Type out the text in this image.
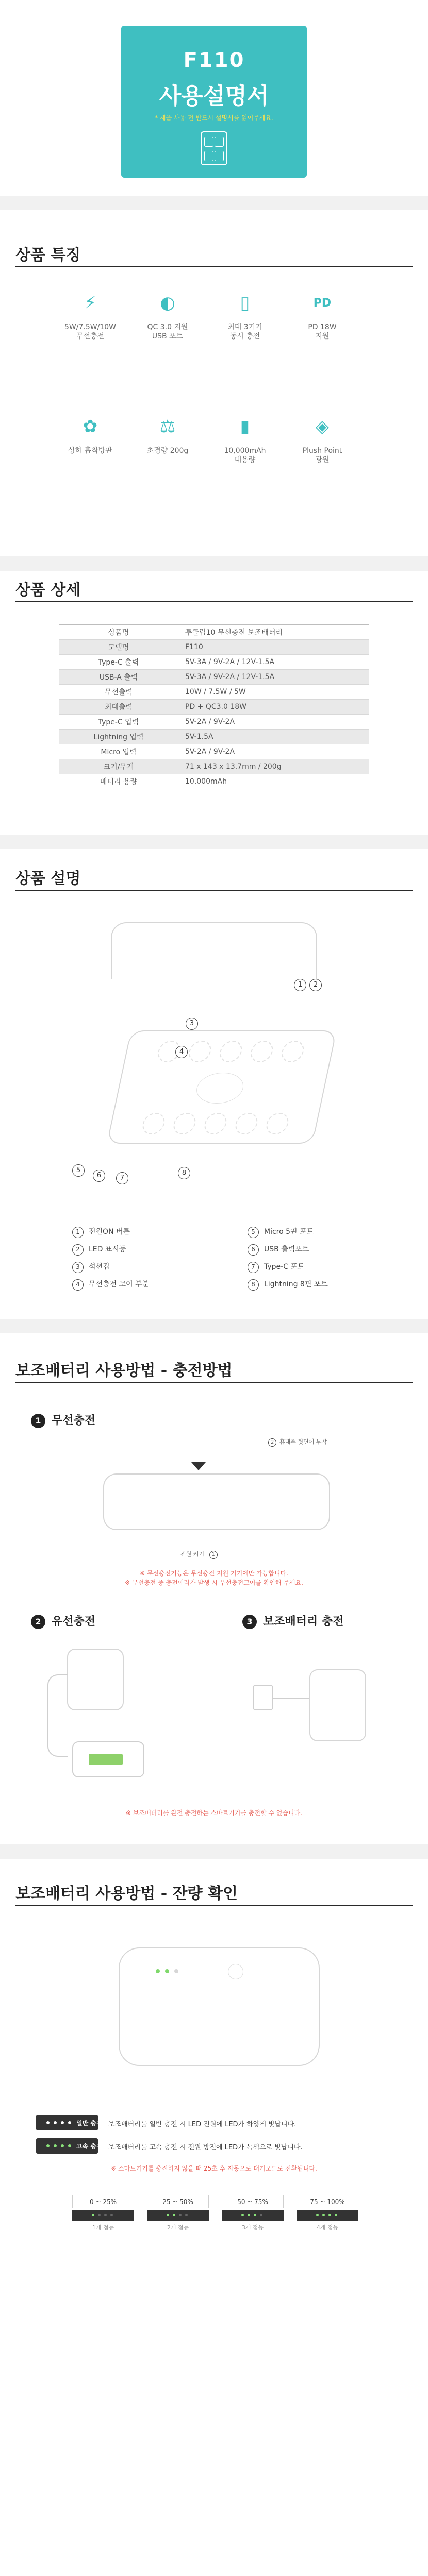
F110
사용설명서
* 제품 사용 전 반드시 설명서를 읽어주세요.
상품 특징
⚡
5W/7.5W/10W
무선충전
◐
QC 3.0 지원
USB 포트
▯
최대 3기기
동시 충전
PD
PD 18W
지원
✿
상하 흡착방판
⚖
초경량 200g
▮
10,000mAh
대용량
◈
Plush Point
광원
상품 상세
상품명	투클립10 무선충전 보조배터리
모델명	F110
Type-C 출력	5V-3A / 9V-2A / 12V-1.5A
USB-A 출력	5V-3A / 9V-2A / 12V-1.5A
무선출력	10W / 7.5W / 5W
최대출력	PD + QC3.0 18W
Type-C 입력	5V-2A / 9V-2A
Lightning 입력	5V-1.5A
Micro 입력	5V-2A / 9V-2A
크기/무게	71 x 143 x 13.7mm / 200g
배터리 용량	10,000mAh
상품 설명
1	2
3
4
5
6	7
8
1 전원ON 버튼
2 LED 표시등
3 석션컵
4 무선충전 코어 부분
5 Micro 5핀 포트
6 USB 출력포트
7 Type-C 포트
8 Lightning 8핀 포트
보조배터리 사용방법 - 충전방법
1 무선충전
2 휴대폰 뒷면에 부착
전원 켜기 1
※ 무선충전기능은 무선충전 지원 기기에만 가능합니다.
※ 무선충전 중 충전에러가 발생 시 무선충전코어를 확인해 주세요.
2 유선충전	3 보조배터리 충전
※ 보조배터리를 완전 충전하는 스마트기기를 충전할 수 없습니다.
보조배터리 사용방법 - 잔량 확인
일반 충전 시
보조배터리를 일반 충전 시 LED 전원에 LED가 하얗게 빛납니다.
고속 충전 시
보조배터리를 고속 충전 시 전원 방전에 LED가 녹색으로 빛납니다.
※ 스마트기기를 충전하지 않을 때 25초 후 자동으로 대기모드로 전환됩니다.
0 ~ 25%
1개 점등
25 ~ 50%
2개 점등
50 ~ 75%
3개 점등
75 ~ 100%
4개 점등
